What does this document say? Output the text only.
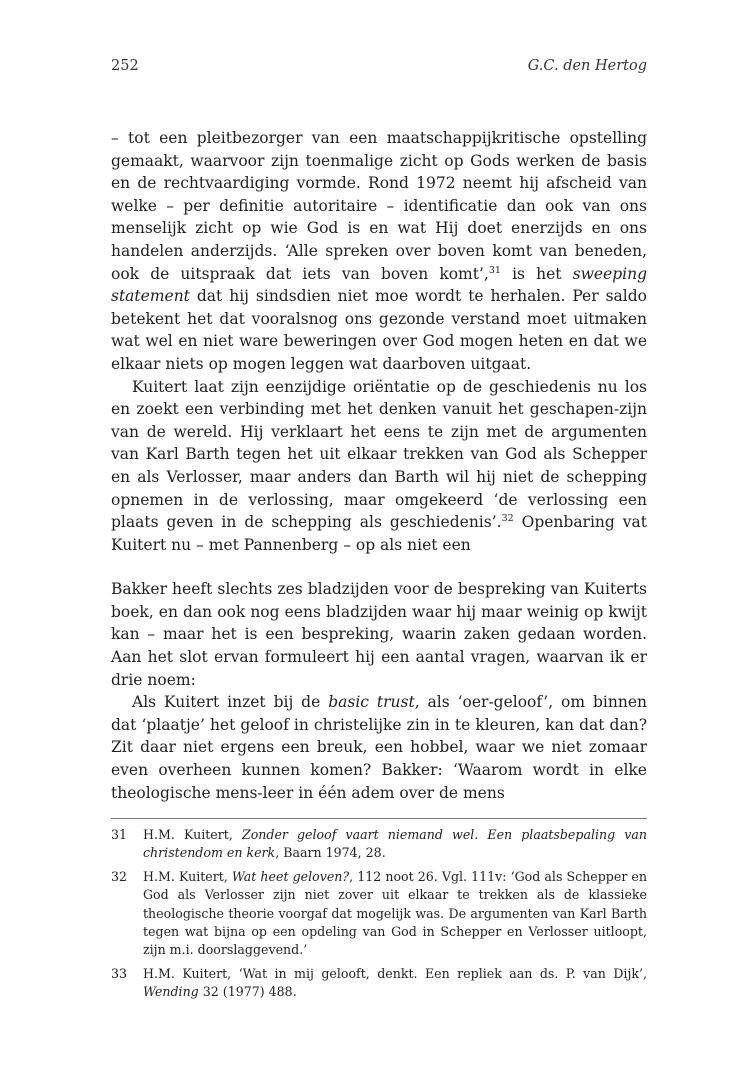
252	G.C. den Hertog

– tot een pleitbezorger van een maatschappijkritische opstelling gemaakt, waarvoor zijn toenmalige zicht op Gods werken de basis en de rechtvaardiging vormde. Rond 1972 neemt hij afscheid van welke – per definitie autoritaire – identificatie dan ook van ons menselijk zicht op wie God is en wat Hij doet enerzijds en ons handelen anderzijds. ‘Alle spreken over boven komt van beneden, ook de uitspraak dat iets van boven komt’,$^{31}$ is het sweeping statement dat hij sindsdien niet moe wordt te herhalen. Per saldo betekent het dat vooralsnog ons gezonde verstand moet uitmaken wat wel en niet ware beweringen over God mogen heten en dat we elkaar niets op mogen leggen wat daarboven uitgaat.

Kuitert laat zijn eenzijdige oriëntatie op de geschiedenis nu los en zoekt een verbinding met het denken vanuit het geschapen-zijn van de wereld. Hij verklaart het eens te zijn met de argumenten van Karl Barth tegen het uit elkaar trekken van God als Schepper en als Verlosser, maar anders dan Barth wil hij niet de schepping opnemen in de verlossing, maar omgekeerd ‘de verlossing een plaats geven in de schepping als geschiedenis’.$^{32}$ Openbaring vat Kuitert nu – met Pannenberg – op als niet een

Bakker heeft slechts zes bladzijden voor de bespreking van Kuiterts boek, en dan ook nog eens bladzijden waar hij maar weinig op kwijt kan – maar het is een bespreking, waarin zaken gedaan worden. Aan het slot ervan formuleert hij een aantal vragen, waarvan ik er drie noem:

Als Kuitert inzet bij de basic trust, als ‘oer-geloof’, om binnen dat ‘plaatje’ het geloof in christelijke zin in te kleuren, kan dat dan? Zit daar niet ergens een breuk, een hobbel, waar we niet zomaar even overheen kunnen komen? Bakker: ‘Waarom wordt in elke theologische mens-leer in één adem over de mens

31 H.M. Kuitert, Zonder geloof vaart niemand wel. Een plaatsbepaling van christendom en kerk, Baarn 1974, 28.
32 H.M. Kuitert, Wat heet geloven?, 112 noot 26. Vgl. 111v: ‘God als Schepper en God als Verlosser zijn niet zover uit elkaar te trekken als de klassieke theologische theorie voorgaf dat mogelijk was. De argumenten van Karl Barth tegen wat bijna op een opdeling van God in Schepper en Verlosser uitloopt, zijn m.i. doorslaggevend.’
33 H.M. Kuitert, ‘Wat in mij gelooft, denkt. Een repliek aan ds. P. van Dijk’, Wending 32 (1977) 488.
